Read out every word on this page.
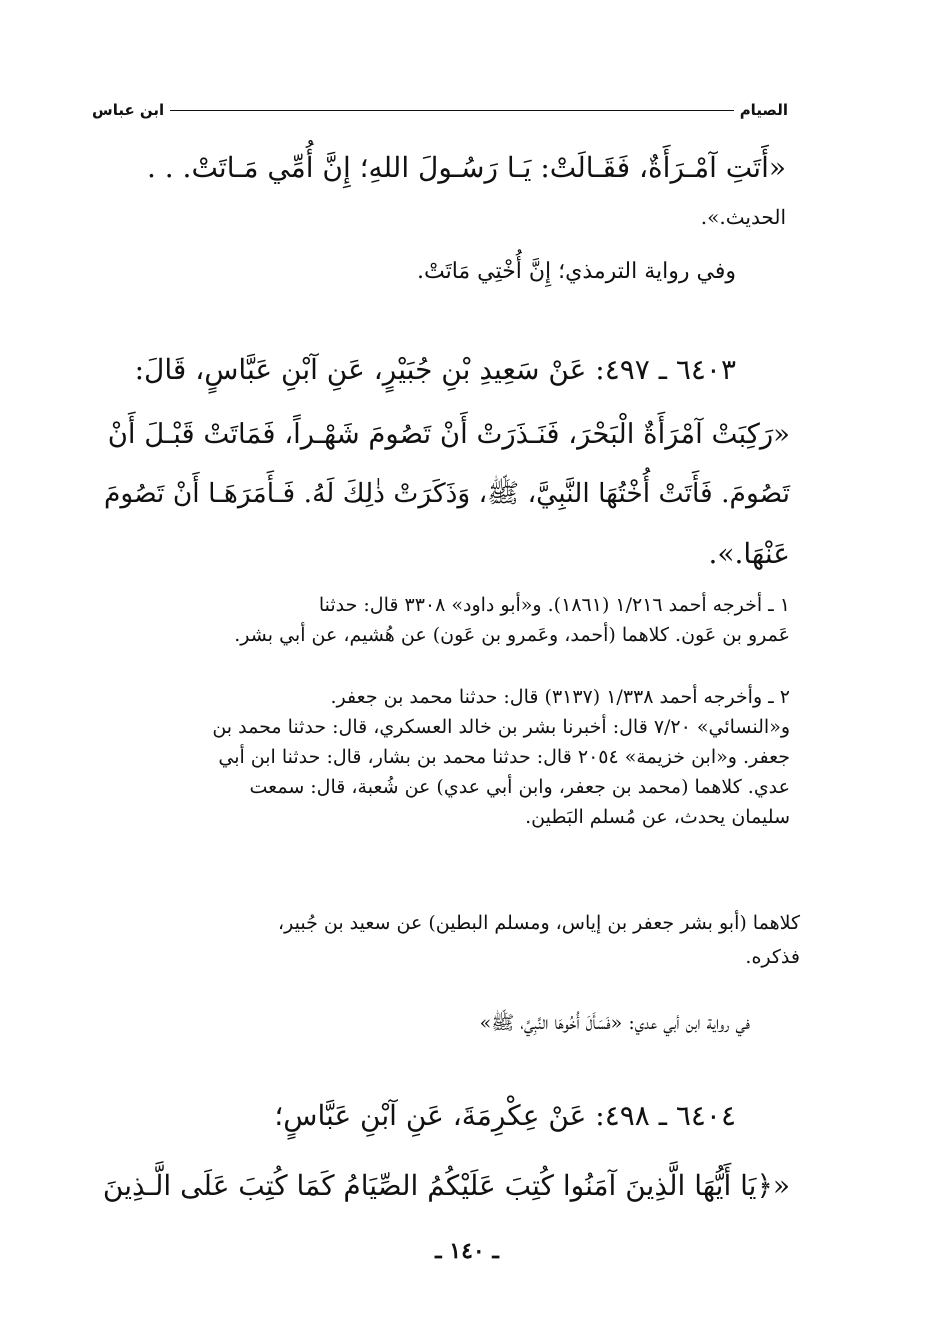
الصيام
ابن عباس
«أَتَتِ آمْـرَأَةٌ، فَقَـالَتْ: يَـا رَسُـولَ اللهِ؛ إِنَّ أُمِّي مَـاتَتْ. . .
الحديث.».
وفي رواية الترمذي؛ إِنَّ أُخْتِي مَاتَتْ.
٦٤٠٣ ـ ٤٩٧: عَنْ سَعِيدِ بْنِ جُبَيْرٍ، عَنِ آبْنِ عَبَّاسٍ، قَالَ:
«رَكِبَتْ آمْرَأَةٌ الْبَحْرَ، فَنَـذَرَتْ أَنْ تَصُومَ شَهْـراً، فَمَاتَتْ قَبْـلَ أَنْ
تَصُومَ. فَأَتَتْ أُخْتُهَا النَّبِيَّ، ﷺ، وَذَكَرَتْ ذٰلِكَ لَهُ. فَـأَمَرَهَـا أَنْ تَصُومَ
عَنْهَا.».
١ ـ أخرجه أحمد ١/٢١٦ (١٨٦١). و«أبو داود» ٣٣٠٨ قال: حدثنا
عَمرو بن عَون. كلاهما (أحمد، وعَمرو بن عَون) عن هُشيم، عن أبي بشر.
٢ ـ وأخرجه أحمد ١/٣٣٨ (٣١٣٧) قال: حدثنا محمد بن جعفر.
و«النسائي» ٧/٢٠ قال: أخبرنا بشر بن خالد العسكري، قال: حدثنا محمد بن
جعفر. و«ابن خزيمة» ٢٠٥٤ قال: حدثنا محمد بن بشار، قال: حدثنا ابن أبي
عدي. كلاهما (محمد بن جعفر، وابن أبي عدي) عن شُعبة، قال: سمعت
سليمان يحدث، عن مُسلم البَطين.
كلاهما (أبو بشر جعفر بن إياس، ومسلم البطين) عن سعيد بن جُبير،
فذكره.
في رواية ابن أبي عدي: «فَسَأَلَ أُخُوهَا النَّبِيَّ، ﷺ»
٦٤٠٤ ـ ٤٩٨: عَنْ عِكْرِمَةَ، عَنِ آبْنِ عَبَّاسٍ؛
«﴿يَا أَيُّهَا الَّذِينَ آمَنُوا كُتِبَ عَلَيْكُمُ الصِّيَامُ كَمَا كُتِبَ عَلَى الَّـذِينَ
ـ ١٤٠ ـ
